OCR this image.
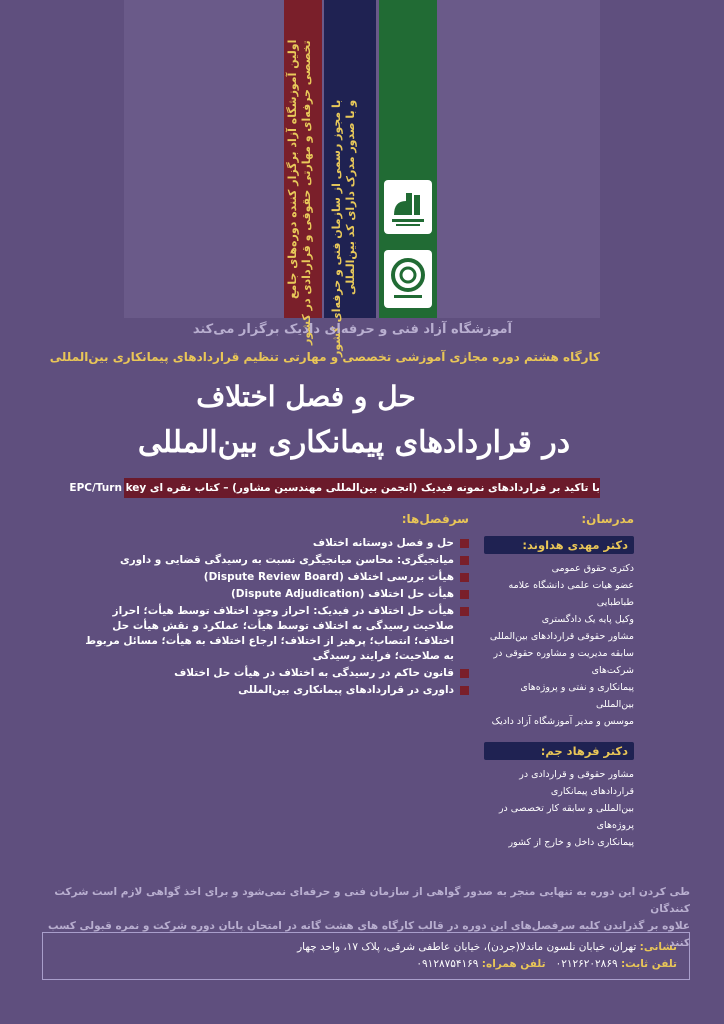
اولین آموزشگاه آزاد برگزار کننده دوره‌های جامع تخصصی حرفه‌ای و مهارتی حقوقی و قراردادی در کشور با مجوز رسمی از سازمان فنی و حرفه‌ای کشور و با صدور مدرک دارای کد بین‌المللی
آموزشگاه آزاد فنی و حرفه‌ای دادیک برگزار می‌کند
کارگاه هشتم دوره مجازی آموزشی تخصصی و مهارتی تنظیم قراردادهای پیمانکاری بین‌المللی
حل و فصل اختلاف
در قراردادهای پیمانکاری بین‌المللی
با تاکید بر قراردادهای نمونه فیدیک (انجمن بین‌المللی مهندسین مشاور) – کتاب نقره ای EPC/Turn key
مدرسان:
دکتر مهدی هداوند:
دکتری حقوق عمومی
عضو هیات علمی دانشگاه علامه طباطبایی
وکیل پایه یک دادگستری
مشاور حقوقی قراردادهای بین‌المللی
سابقه مدیریت و مشاوره حقوقی در شرکت‌های
پیمانکاری و نفتی و پروژه‌های بین‌المللی
موسس و مدیر آموزشگاه آزاد دادیک
دکتر فرهاد جم:
مشاور حقوقی و قراردادی در قراردادهای پیمانکاری
بین‌المللی و سابقه کار تخصصی در پروژه‌های
پیمانکاری داخل و خارج از کشور
سرفصل‌ها:
حل و فصل دوستانه اختلاف
میانجیگری: محاسن میانجیگری نسبت به رسیدگی قضایی و داوری
هیأت بررسی اختلاف (Dispute Review Board)
هیأت حل اختلاف (Dispute Adjudication)
هیأت حل اختلاف در فیدیک: احراز وجود اختلاف توسط هیأت؛ احراز صلاحیت رسیدگی به اختلاف توسط هیأت؛ عملکرد و نقش هیأت حل اختلاف؛ انتصاب؛ پرهیز از اختلاف؛ ارجاع اختلاف به هیأت؛ مسائل مربوط به صلاحیت؛ فرایند رسیدگی
قانون حاکم در رسیدگی به اختلاف در هیأت حل اختلاف
داوری در قراردادهای پیمانکاری بین‌المللی
طی کردن این دوره به تنهایی منجر به صدور گواهی از سازمان فنی و حرفه‌ای نمی‌شود و برای اخذ گواهی لازم است شرکت کنندگان
علاوه بر گذراندن کلیه سرفصل‌های این دوره در قالب کارگاه های هشت گانه در امتحان پایان دوره شرکت و نمره قبولی کسب کنند
نشانی: تهران، خیابان نلسون ماندلا(جردن)، خیابان عاطفی شرقی، پلاک ۱۷، واحد چهار
تلفن ثابت: ۰۲۱۲۶۲۰۲۸۶۹   تلفن همراه: ۰۹۱۲۸۷۵۴۱۶۹
